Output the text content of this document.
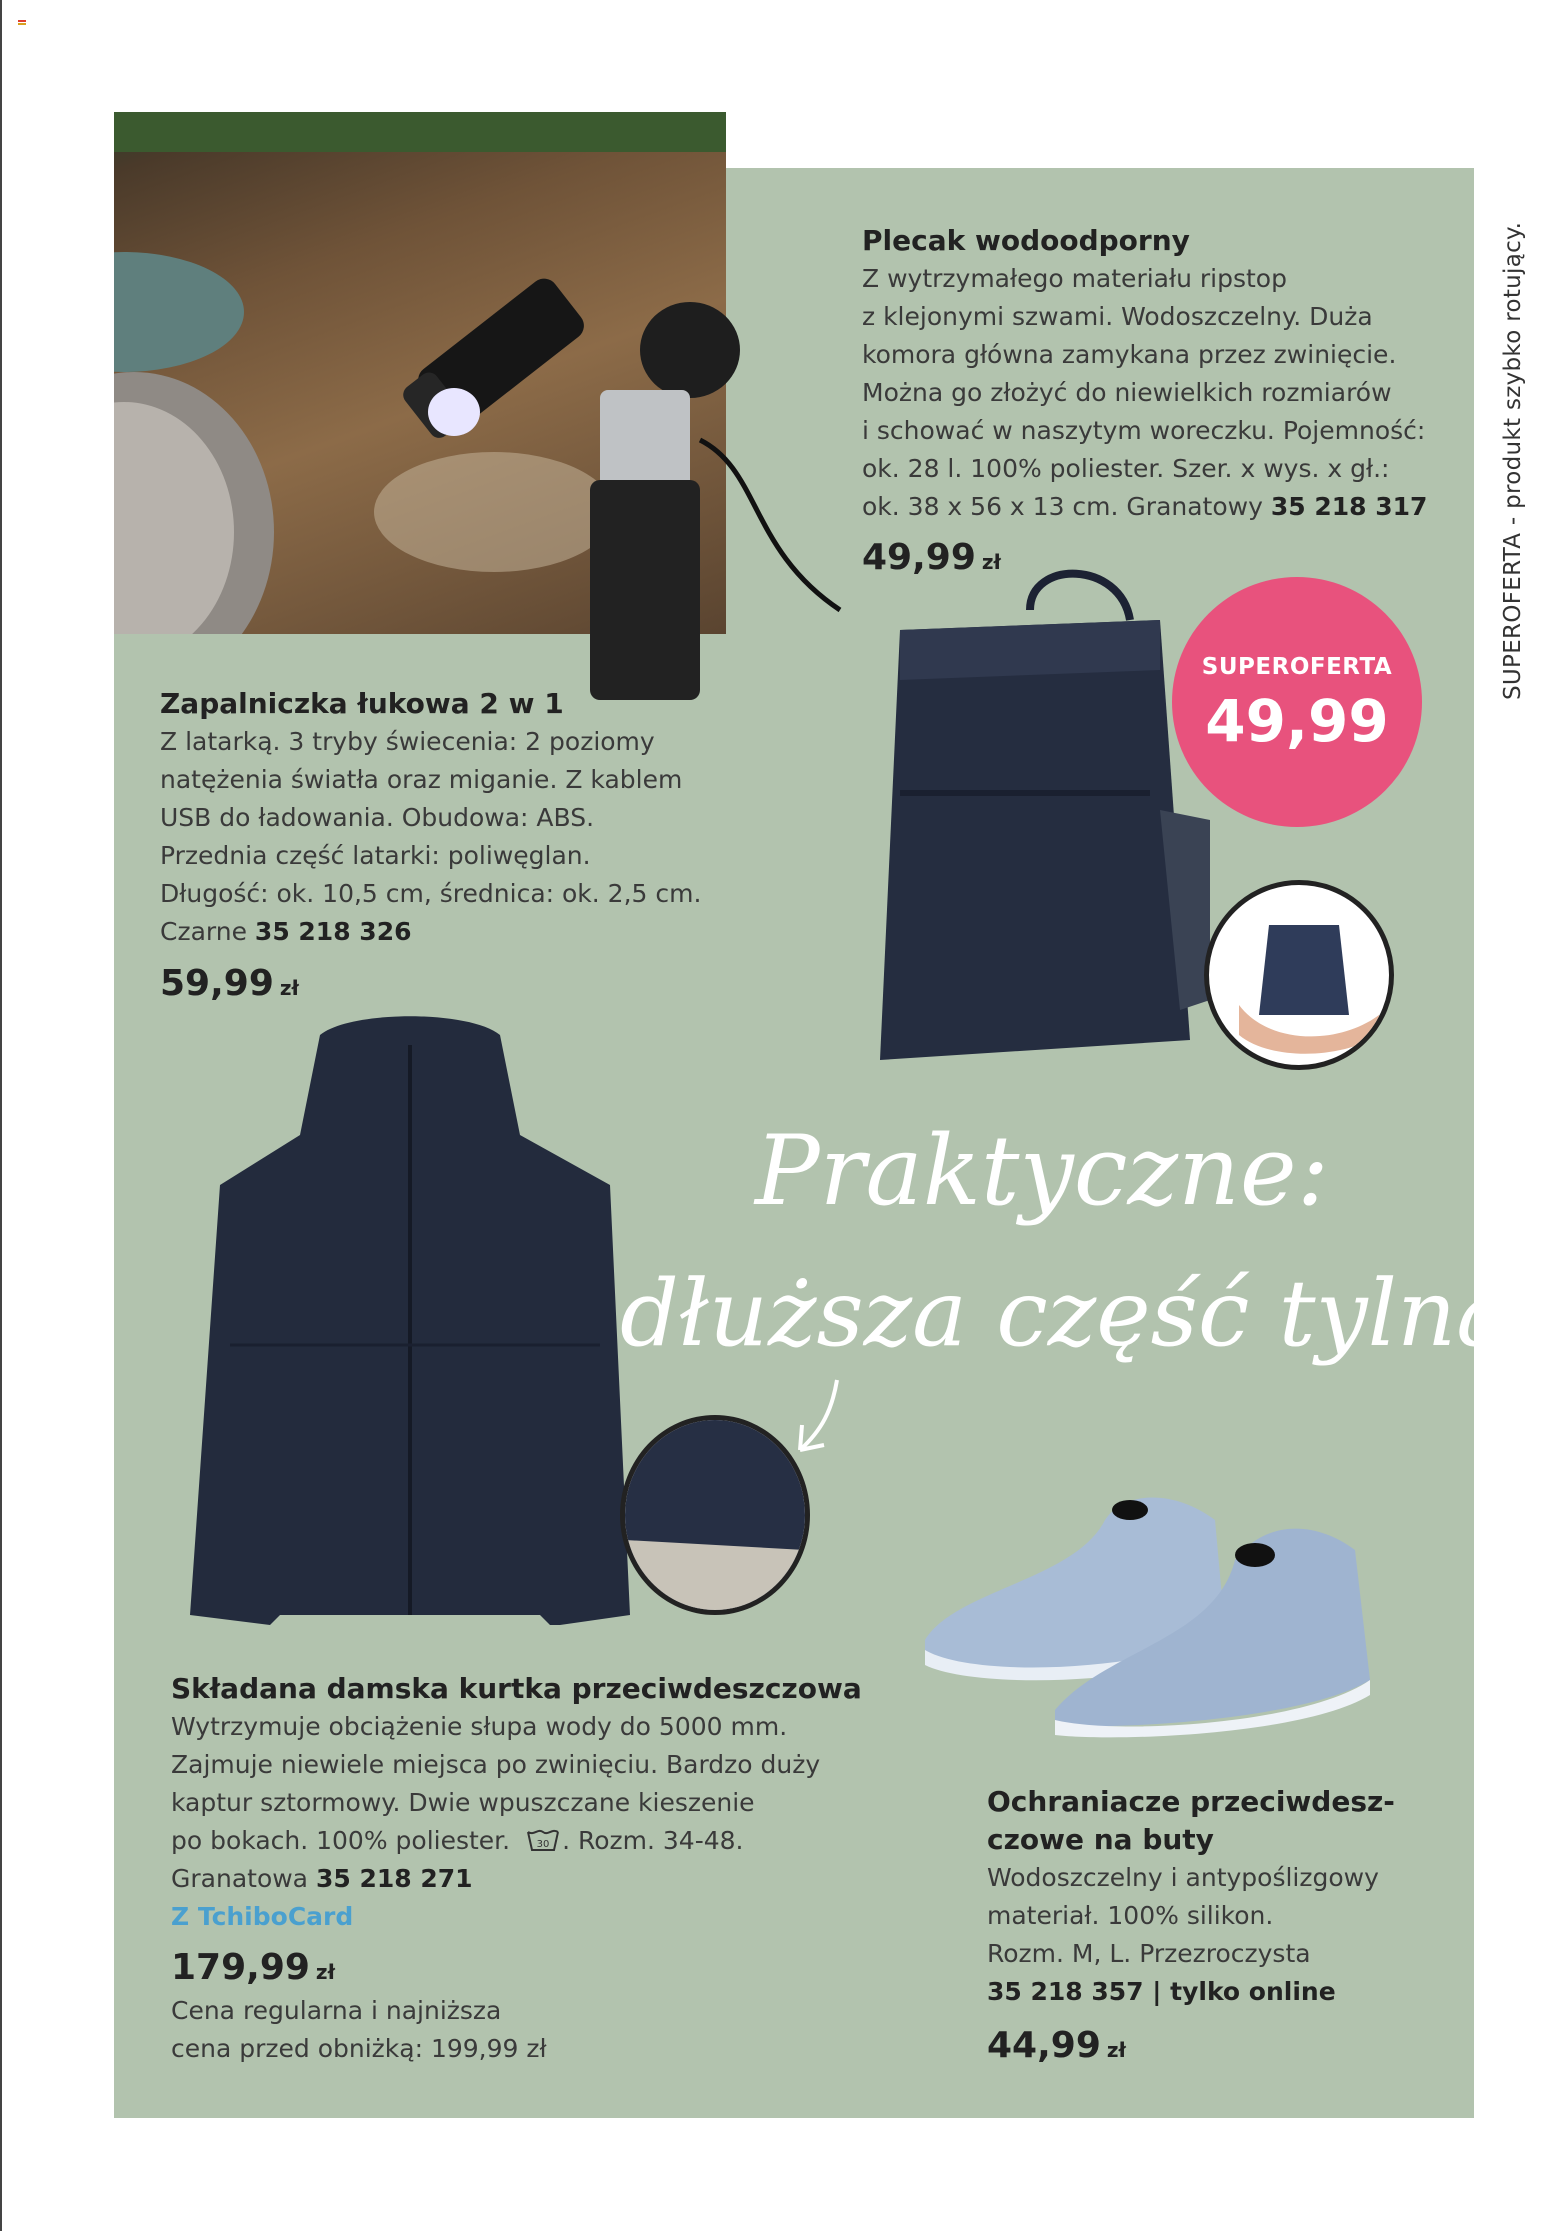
Zapalniczka łukowa 2 w 1
Z latarką. 3 tryby świecenia: 2 poziomy
natężenia światła oraz miganie. Z kablem
USB do ładowania. Obudowa: ABS.
Przednia część latarki: poliwęglan.
Długość: ok. 10,5 cm, średnica: ok. 2,5 cm.
Czarne 35 218 326
59,99 zł
Plecak wodoodporny
Z wytrzymałego materiału ripstop
z klejonymi szwami. Wodoszczelny. Duża
komora główna zamykana przez zwinięcie.
Można go złożyć do niewielkich rozmiarów
i schować w naszytym woreczku. Pojemność:
ok. 28 l. 100% poliester. Szer. x wys. x gł.:
ok. 38 x 56 x 13 cm. Granatowy 35 218 317
49,99 zł
SUPEROFERTA
49,99
Praktyczne:
dłuższa część tylna
Składana damska kurtka przeciwdeszczowa
Wytrzymuje obciążenie słupa wody do 5000 mm.
Zajmuje niewiele miejsca po zwinięciu. Bardzo duży
kaptur sztormowy. Dwie wpuszczane kieszenie
po bokach. 100% poliester.	30 . Rozm. 34-48.
Granatowa 35 218 271
Z TchiboCard
179,99 zł
Cena regularna i najniższa
cena przed obniżką: 199,99 zł
Ochraniacze przeciwdesz-
czowe na buty
Wodoszczelny i antypoślizgowy
materiał. 100% silikon.
Rozm. M, L. Przezroczysta
35 218 357 | tylko online
44,99 zł
SUPEROFERTA - produkt szybko rotujący.
